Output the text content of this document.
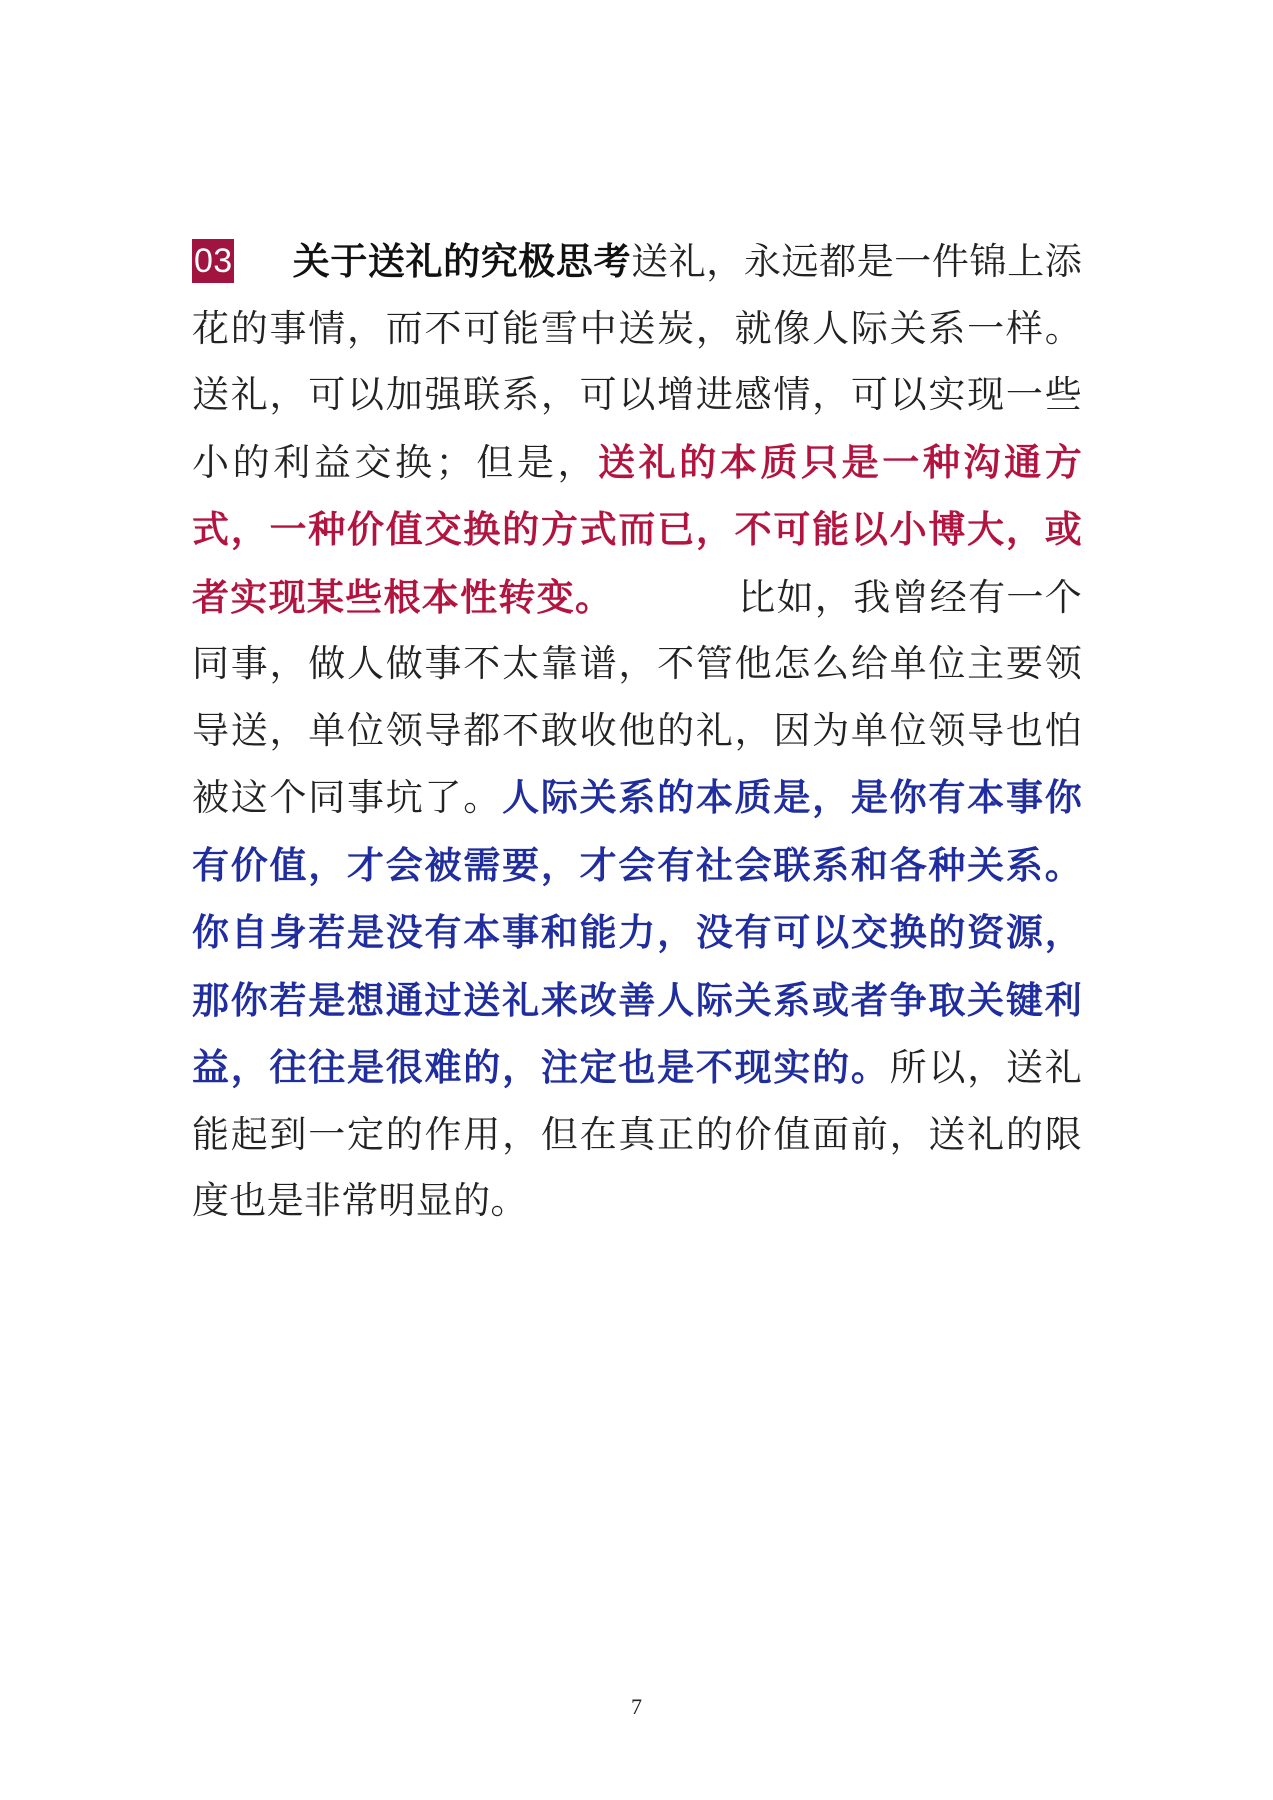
03 关于送礼的究极思考送礼，永远都是一件锦上添花的事情，而不可能雪中送炭，就像人际关系一样。送礼，可以加强联系，可以增进感情，可以实现一些小的利益交换；但是，送礼的本质只是一种沟通方式，一种价值交换的方式而已，不可能以小博大，或者实现某些根本性转变。	比如，我曾经有一个同事，做人做事不太靠谱，不管他怎么给单位主要领导送，单位领导都不敢收他的礼，因为单位领导也怕被这个同事坑了。人际关系的本质是，是你有本事你有价值，才会被需要，才会有社会联系和各种关系。你自身若是没有本事和能力，没有可以交换的资源，那你若是想通过送礼来改善人际关系或者争取关键利益，往往是很难的，注定也是不现实的。所以，送礼能起到一定的作用，但在真正的价值面前，送礼的限度也是非常明显的。
7
